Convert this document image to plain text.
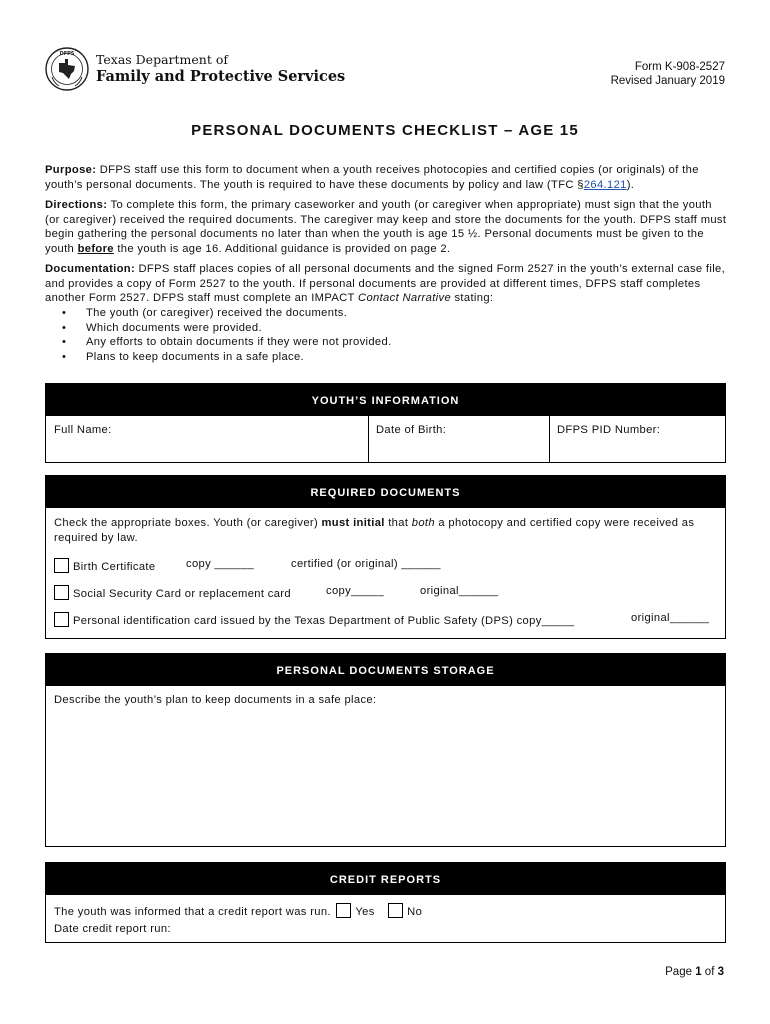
DFPS Texas Department of
Family and Protective Services
Form K-908-2527
Revised January 2019
PERSONAL DOCUMENTS CHECKLIST – AGE 15
Purpose: DFPS staff use this form to document when a youth receives photocopies and certified copies (or originals) of the youth’s personal documents. The youth is required to have these documents by policy and law (TFC §264.121).
Directions: To complete this form, the primary caseworker and youth (or caregiver when appropriate) must sign that the youth (or caregiver) received the required documents. The caregiver may keep and store the documents for the youth. DFPS staff must begin gathering the personal documents no later than when the youth is age 15 ½. Personal documents must be given to the youth before the youth is age 16. Additional guidance is provided on page 2.
Documentation: DFPS staff places copies of all personal documents and the signed Form 2527 in the youth’s external case file, and provides a copy of Form 2527 to the youth. If personal documents are provided at different times, DFPS staff completes another Form 2527. DFPS staff must complete an IMPACT Contact Narrative stating:
• The youth (or caregiver) received the documents.
• Which documents were provided.
• Any efforts to obtain documents if they were not provided.
• Plans to keep documents in a safe place.
YOUTH’S INFORMATION
Full Name:	Date of Birth:	DFPS PID Number:
REQUIRED DOCUMENTS
Check the appropriate boxes. Youth (or caregiver) must initial that both a photocopy and certified copy were received as required by law.
Birth Certificate	copy ______	certified (or original) ______
Social Security Card or replacement card	copy_____	original______
Personal identification card issued by the Texas Department of Public Safety (DPS) copy_____	original______
PERSONAL DOCUMENTS STORAGE
Describe the youth’s plan to keep documents in a safe place:
CREDIT REPORTS
The youth was informed that a credit report was run. Yes	No
Date credit report run:
Page 1 of 3
